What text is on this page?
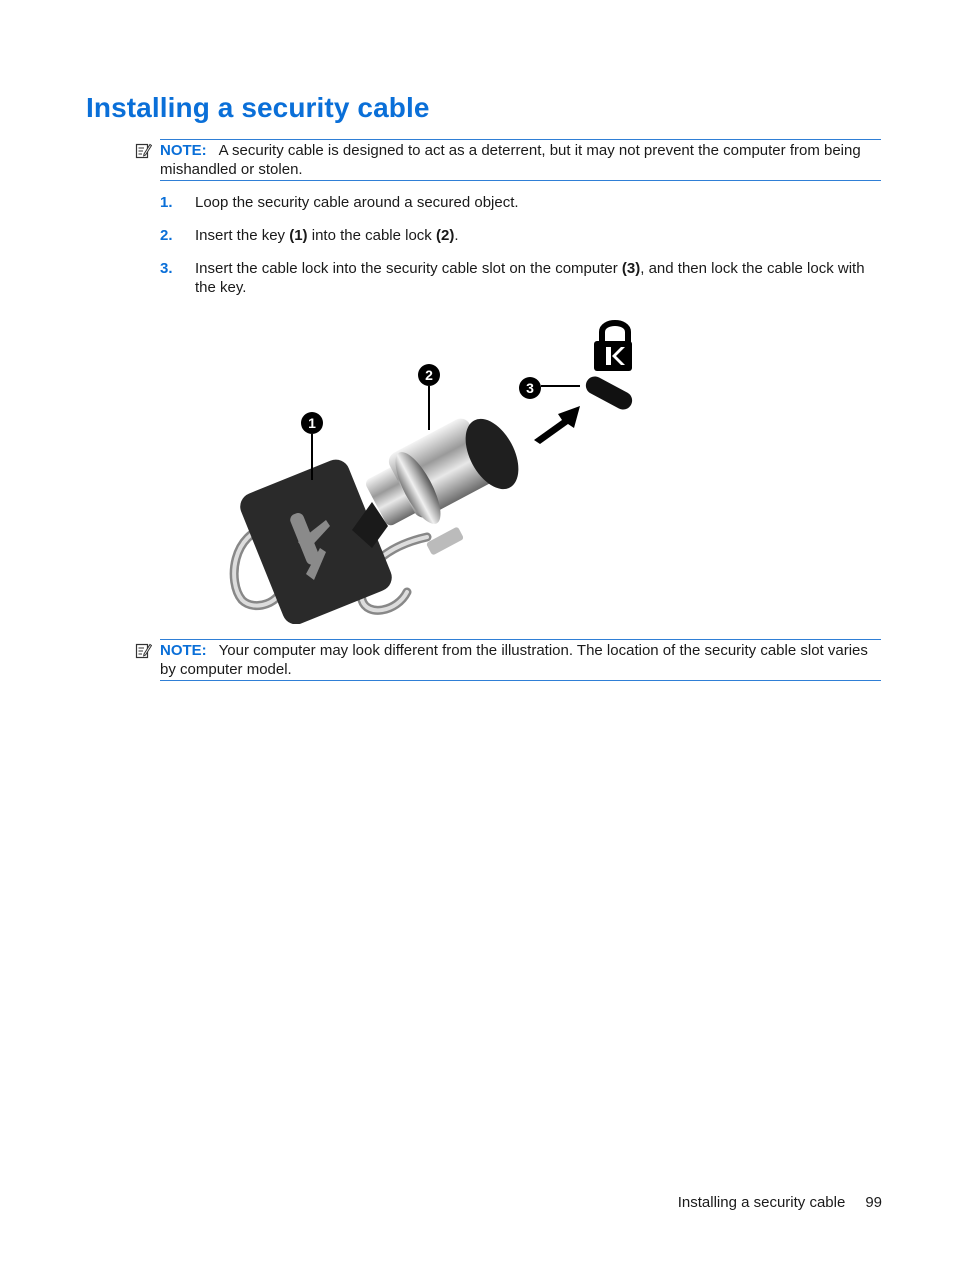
Installing a security cable
NOTE: A security cable is designed to act as a deterrent, but it may not prevent the computer from being mishandled or stolen.
1. Loop the security cable around a secured object.
2. Insert the key (1) into the cable lock (2).
3. Insert the cable lock into the security cable slot on the computer (3), and then lock the cable lock with the key.
1
2
3
NOTE: Your computer may look different from the illustration. The location of the security cable slot varies by computer model.
Installing a security cable 99
